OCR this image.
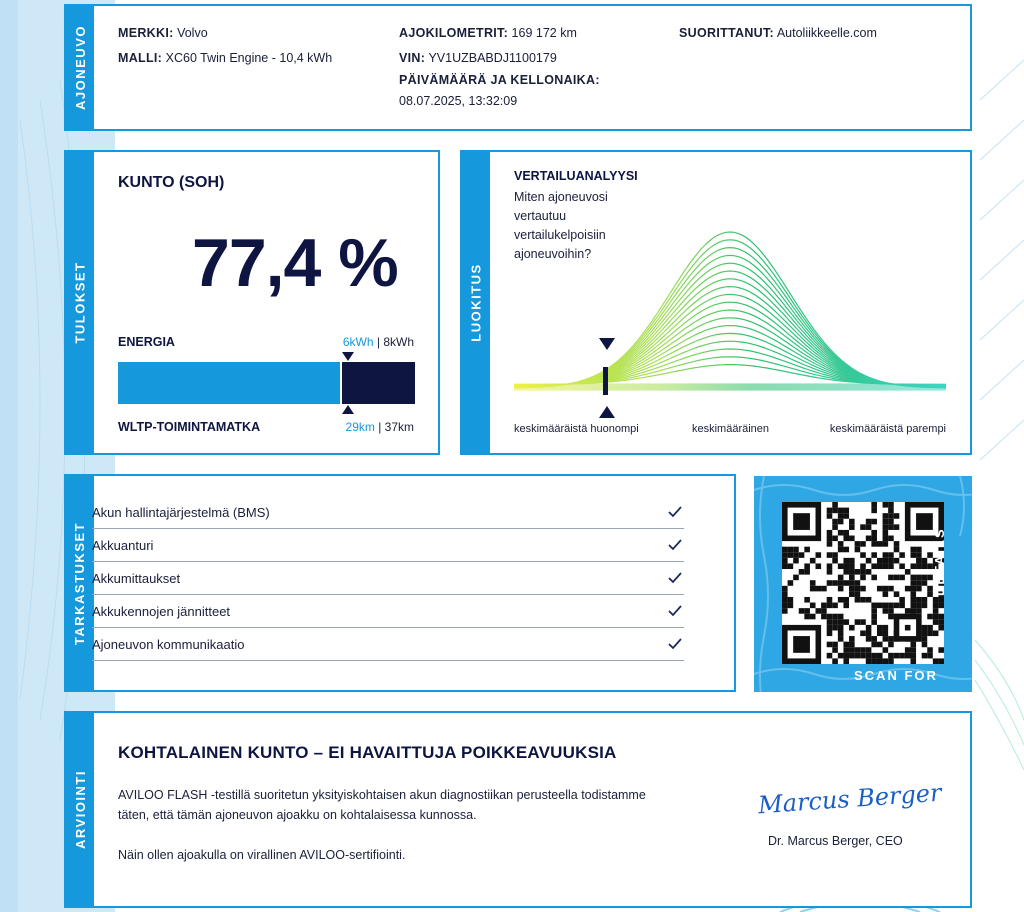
AJONEUVO MERKKI: Volvo
MALLI: XC60 Twin Engine - 10,4 kWh
AJOKILOMETRIT: 169 172 km
VIN: YV1UZBABDJ1100179
PÄIVÄMÄÄRÄ JA KELLONAIKA:
08.07.2025, 13:32:09
SUORITTANUT: Autoliikkeelle.com
TULOKSET
KUNTO (SOH)
77,4 %
ENERGIA	6kWh | 8kWh
WLTP-TOIMINTAMATKA	29km | 37km
LUOKITUS
VERTAILUANALYYSI
Miten ajoneuvosi vertautuu vertailukelpoisiin ajoneuvoihin?
keskimääräistä huonompi	keskimääräinen	keskimääräistä parempi
TARKASTUKSET
Akun hallintajärjestelmä (BMS)
Akkuanturi
Akkumittaukset
Akkukennojen jännitteet
Ajoneuvon kommunikaatio
SCAN FOR
DETAILS
ARVIOINTI
KOHTALAINEN KUNTO – EI HAVAITTUJA POIKKEAVUUKSIA
AVILOO FLASH -testillä suoritetun yksityiskohtaisen akun diagnostiikan perusteella todistamme
täten, että tämän ajoneuvon ajoakku on kohtalaisessa kunnossa.
Näin ollen ajoakulla on virallinen AVILOO-sertifiointi.
Marcus Berger
Dr. Marcus Berger, CEO
